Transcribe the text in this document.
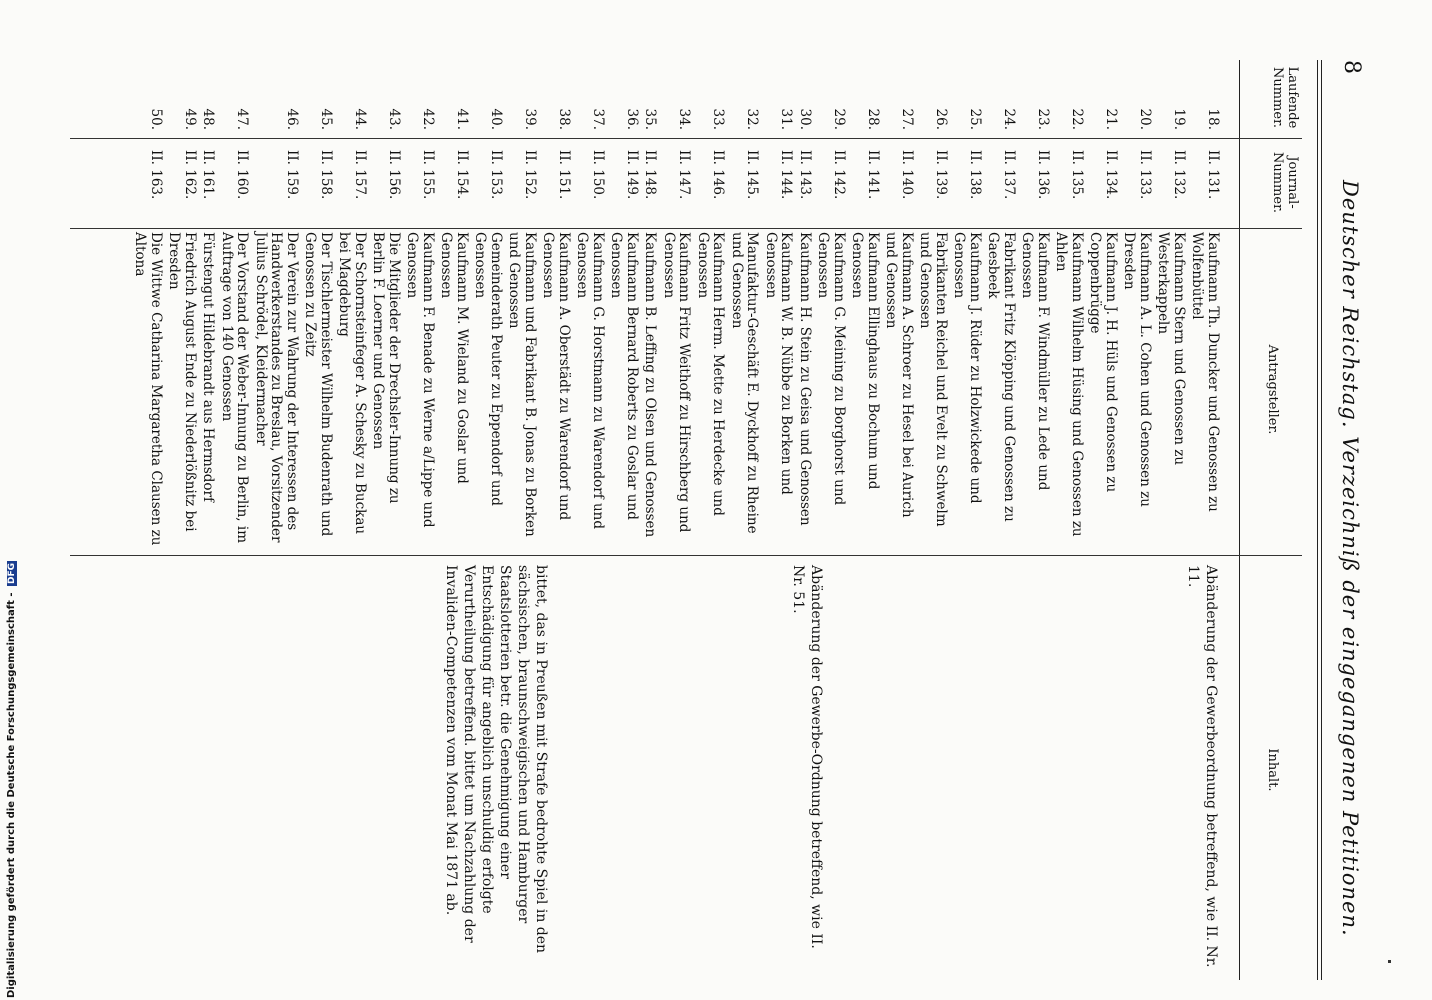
8
Deutscher Reichstag. Verzeichniß der eingegangenen Petitionen.
Laufende Nummer.
Journal-Nummer.
Antragsteller.
Inhalt.
18.
II. 131.
Kaufmann Th. Duncker und Genossen zu Wolfenbüttel
19.
II. 132.
Kaufmann Stern und Genossen zu Westerkappeln
20.
II. 133.
Kaufmann A. L. Cohen und Genossen zu Dresden
21.
II. 134.
Kaufmann J. H. Hüls und Genossen zu Coppenbrügge
22.
II. 135.
Kaufmann Wilhelm Hüsing und Genossen zu Ahlen
23.
II. 136.
Kaufmann F. Windmüller zu Lede und Genossen
24.
II. 137.
Fabrikant Fritz Klöpping und Genossen zu Gaesbeek
25.
II. 138.
Kaufmann J. Rüder zu Holzwickede und Genossen
26.
II. 139.
Fabrikanten Reichel und Evelt zu Schwelm und Genossen
27.
II. 140.
Kaufmann A. Schroer zu Hesel bei Aurich und Genossen
28.
II. 141.
Kaufmann Ellinghaus zu Bochum und Genossen
29.
II. 142.
Kaufmann G. Meining zu Borghorst und Genossen
30.
II. 143.
Kaufmann H. Stein zu Geisa und Genossen
31.
II. 144.
Kaufmann W. B. Nübbe zu Borken und Genossen
32.
II. 145.
Manufaktur-Geschäft E. Dyckhoff zu Rheine und Genossen
33.
II. 146.
Kaufmann Herm. Mette zu Herdecke und Genossen
34.
II. 147.
Kaufmann Fritz Weithoff zu Hirschberg und Genossen
35.
II. 148.
Kaufmann B. Leffing zu Olsen und Genossen
36.
II. 149.
Kaufmann Bernard Roberts zu Goslar und Genossen
37.
II. 150.
Kaufmann G. Horstmann zu Warendorf und Genossen
38.
II. 151.
Kaufmann A. Oberstädt zu Warendorf und Genossen
39.
II. 152.
Kaufmann und Fabrikant B. Jonas zu Borken und Genossen
40.
II. 153.
Gemeinderath Peuter zu Eppendorf und Genossen
41.
II. 154.
Kaufmann M. Wieland zu Goslar und Genossen
42.
II. 155.
Kaufmann F. Benade zu Werne a/Lippe und Genossen
43.
II. 156.
Die Mitglieder der Drechsler-Innung zu Berlin F. Loerner und Genossen
44.
II. 157.
Der Schornsteinfeger A. Schesky zu Buckau bei Magdeburg
45.
II. 158.
Der Tischlermeister Wilhelm Budenrath und Genossen zu Zeitz
46.
II. 159.
Der Verein zur Wahrung der Interessen des Handwerkerstandes zu Breslau, Vorsitzender Julius Schrödel, Kleidermacher
47.
II. 160.
Der Vorstand der Weber-Innung zu Berlin, im Auftrage von 140 Genossen
48.
II. 161.
Fürstengut Hildebrandt aus Hermsdorf
49.
II. 162.
Friedrich August Ende zu Niederlößnitz bei Dresden
50.
II. 163.
Die Wittwe Catharina Margaretha Clausen zu Altona
Abänderung der Gewerbeordnung betreffend, wie II. Nr. 11.
Abänderung der Gewerbe-Ordnung betreffend, wie II. Nr. 51.
bittet, das in Preußen mit Strafe bedrohte Spiel in den sächsischen, braunschweigischen und Hamburger Staatslotterien betr. die Genehmigung einer Entschädigung für angeblich unschuldig erfolgte Verurtheilung betreffend. bittet um Nachzahlung der Invaliden-Competenzen vom Monat Mai 1871 ab.
Digitalisierung gefördert durch die Deutsche Forschungsgemeinschaft - DFG
